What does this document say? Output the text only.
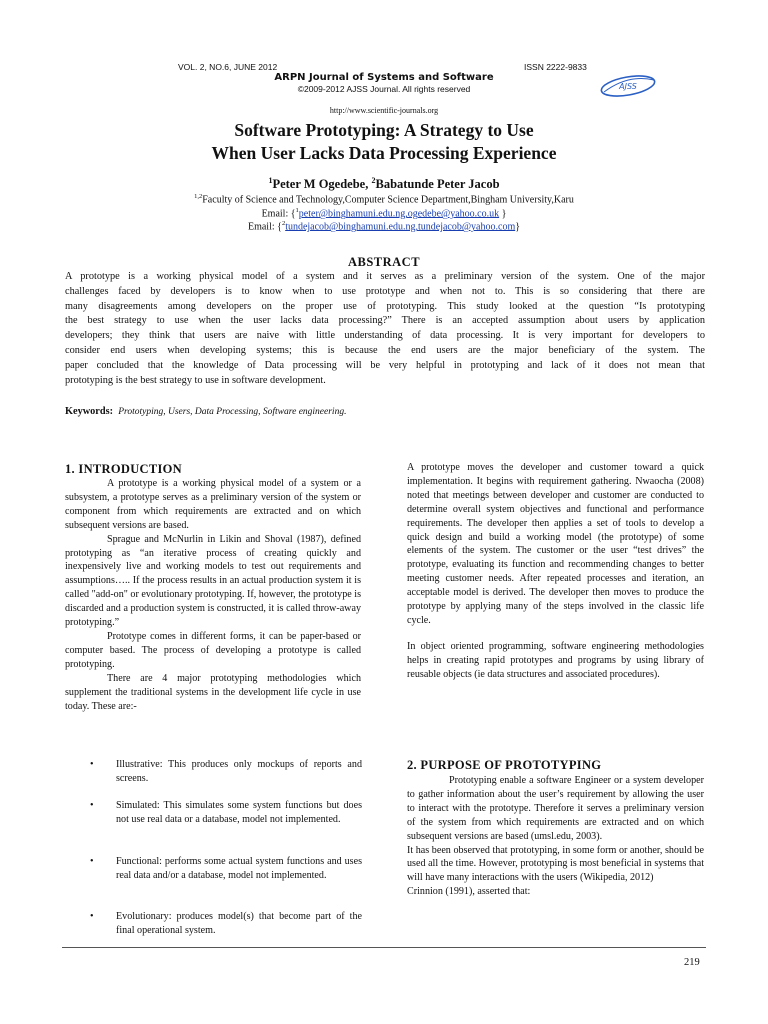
VOL. 2, NO.6, JUNE 2012	ISSN 2222-9833
ARPN Journal of Systems and Software
©2009-2012 AJSS Journal. All rights reserved	AJSS
http://www.scientific-journals.org
Software Prototyping: A Strategy to Use
When User Lacks Data Processing Experience
$^1$Peter M Ogedebe, $^2$Babatunde Peter Jacob
$^{1,2}$Faculty of Science and Technology,Computer Science Department,Bingham University,Karu
Email: {$^1$peter@binghamuni.edu.ng,ogedebe@yahoo.co.uk }
Email: {$^2$tundejacob@binghamuni.edu.ng,tundejacob@yahoo.com}
ABSTRACT
A prototype is a working physical model of a system and it serves as a preliminary version of the system. One of the major
challenges faced by developers is to know when to use prototype and when not to. This is so considering that there are
many disagreements among developers on the proper use of prototyping. This study looked at the question “Is prototyping
the best strategy to use when the user lacks data processing?” There is an accepted assumption about users by application
developers; they think that users are naive with little understanding of data processing. It is very important for developers to
consider end users when developing systems; this is because the end users are the major beneficiary of the system. The
paper concluded that the knowledge of Data processing will be very helpful in prototyping and lack of it does not mean that
prototyping is the best strategy to use in software development.
Keywords: Prototyping, Users, Data Processing, Software engineering.
1. INTRODUCTION

A prototype is a working physical model of a system or a subsystem, a prototype serves as a preliminary version of the system or component from which requirements are extracted and on which subsequent versions are based.

Sprague and McNurlin in Likin and Shoval (1987), defined prototyping as “an iterative process of creating quickly and inexpensively live and working models to test out requirements and assumptions….. If the process results in an actual production system it is called "add-on" or evolutionary prototyping. If, however, the prototype is discarded and a production system is constructed, it is called throw-away prototyping.”

Prototype comes in different forms, it can be paper-based or computer based. The process of developing a prototype is called prototyping.

There are 4 major prototyping methodologies which supplement the traditional systems in the development life cycle in use today. These are:-

• Illustrative: This produces only mockups of reports and screens.
• Simulated: This simulates some system functions but does not use real data or a database, model not implemented.
• Functional: performs some actual system functions and uses real data and/or a database, model not implemented.
• Evolutionary: produces model(s) that become part of the final operational system.

A prototype moves the developer and customer toward a quick implementation. It begins with requirement gathering. Nwaocha (2008) noted that meetings between developer and customer are conducted to determine overall system objectives and functional and performance requirements. The developer then applies a set of tools to develop a quick design and build a working model (the prototype) of some elements of the system. The customer or the user “test drives” the prototype, evaluating its function and recommending changes to better meeting customer needs. After repeated processes and iteration, an acceptable model is derived. The developer then moves to produce the prototype by applying many of the steps involved in the classic life cycle.

In object oriented programming, software engineering methodologies helps in creating rapid prototypes and programs by using library of reusable objects (ie data structures and associated procedures).

2. PURPOSE OF PROTOTYPING

Prototyping enable a software Engineer or a system developer to gather information about the user’s requirement by allowing the user to interact with the prototype. Therefore it serves a preliminary version of the system from which requirements are extracted and on which subsequent versions are based (umsl.edu, 2003).

It has been observed that prototyping, in some form or another, should be used all the time. However, prototyping is most beneficial in systems that will have many interactions with the users (Wikipedia, 2012)

Crinnion (1991), asserted that:

219
